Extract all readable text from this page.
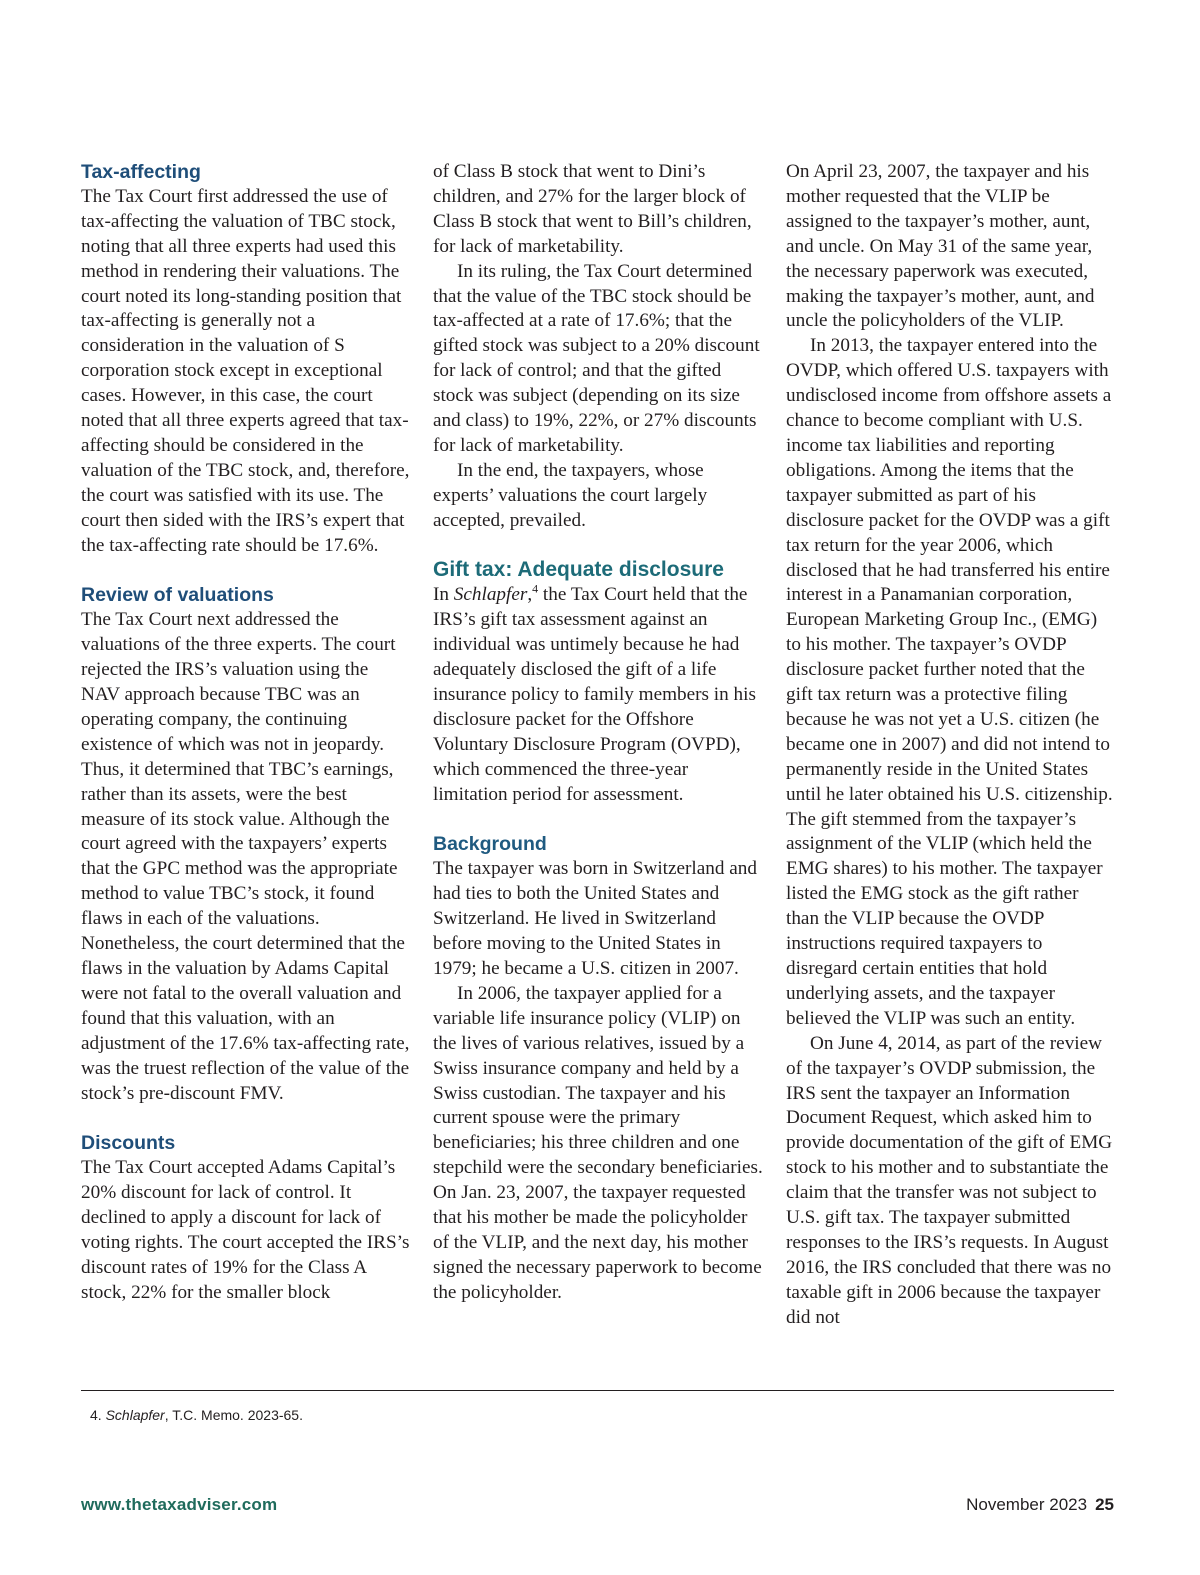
Tax-affecting

The Tax Court first addressed the use of tax-affecting the valuation of TBC stock, noting that all three experts had used this method in rendering their valuations. The court noted its long-standing position that tax-affecting is generally not a consideration in the valuation of S corporation stock except in exceptional cases. However, in this case, the court noted that all three experts agreed that tax-affecting should be considered in the valuation of the TBC stock, and, therefore, the court was satisfied with its use. The court then sided with the IRS’s expert that the tax-affecting rate should be 17.6%.

Review of valuations

The Tax Court next addressed the valuations of the three experts. The court rejected the IRS’s valuation using the NAV approach because TBC was an operating company, the continuing existence of which was not in jeopardy. Thus, it determined that TBC’s earnings, rather than its assets, were the best measure of its stock value. Although the court agreed with the taxpayers’ experts that the GPC method was the appropriate method to value TBC’s stock, it found flaws in each of the valuations. Nonetheless, the court determined that the flaws in the valuation by Adams Capital were not fatal to the overall valuation and found that this valuation, with an adjustment of the 17.6% tax-affecting rate, was the truest reflection of the value of the stock’s pre-discount FMV.

Discounts

The Tax Court accepted Adams Capital’s 20% discount for lack of control. It declined to apply a discount for lack of voting rights. The court accepted the IRS’s discount rates of 19% for the Class A stock, 22% for the smaller block

of Class B stock that went to Dini’s children, and 27% for the larger block of Class B stock that went to Bill’s children, for lack of marketability.

In its ruling, the Tax Court determined that the value of the TBC stock should be tax-affected at a rate of 17.6%; that the gifted stock was subject to a 20% discount for lack of control; and that the gifted stock was subject (depending on its size and class) to 19%, 22%, or 27% discounts for lack of marketability.

In the end, the taxpayers, whose experts’ valuations the court largely accepted, prevailed.

Gift tax: Adequate disclosure

In Schlapfer,$^4$ the Tax Court held that the IRS’s gift tax assessment against an individual was untimely because he had adequately disclosed the gift of a life insurance policy to family members in his disclosure packet for the Offshore Voluntary Disclosure Program (OVPD), which commenced the three-year limitation period for assessment.

Background

The taxpayer was born in Switzerland and had ties to both the United States and Switzerland. He lived in Switzerland before moving to the United States in 1979; he became a U.S. citizen in 2007.

In 2006, the taxpayer applied for a variable life insurance policy (VLIP) on the lives of various relatives, issued by a Swiss insurance company and held by a Swiss custodian. The taxpayer and his current spouse were the primary beneficiaries; his three children and one stepchild were the secondary beneficiaries. On Jan. 23, 2007, the taxpayer requested that his mother be made the policyholder of the VLIP, and the next day, his mother signed the necessary paperwork to become the policyholder.

On April 23, 2007, the taxpayer and his mother requested that the VLIP be assigned to the taxpayer’s mother, aunt, and uncle. On May 31 of the same year, the necessary paperwork was executed, making the taxpayer’s mother, aunt, and uncle the policyholders of the VLIP.

In 2013, the taxpayer entered into the OVDP, which offered U.S. taxpayers with undisclosed income from offshore assets a chance to become compliant with U.S. income tax liabilities and reporting obligations. Among the items that the taxpayer submitted as part of his disclosure packet for the OVDP was a gift tax return for the year 2006, which disclosed that he had transferred his entire interest in a Panamanian corporation, European Marketing Group Inc., (EMG) to his mother. The taxpayer’s OVDP disclosure packet further noted that the gift tax return was a protective filing because he was not yet a U.S. citizen (he became one in 2007) and did not intend to permanently reside in the United States until he later obtained his U.S. citizenship. The gift stemmed from the taxpayer’s assignment of the VLIP (which held the EMG shares) to his mother. The taxpayer listed the EMG stock as the gift rather than the VLIP because the OVDP instructions required taxpayers to disregard certain entities that hold underlying assets, and the taxpayer believed the VLIP was such an entity.

On June 4, 2014, as part of the review of the taxpayer’s OVDP submission, the IRS sent the taxpayer an Information Document Request, which asked him to provide documentation of the gift of EMG stock to his mother and to substantiate the claim that the transfer was not subject to U.S. gift tax. The taxpayer submitted responses to the IRS’s requests. In August 2016, the IRS concluded that there was no taxable gift in 2006 because the taxpayer did not

4. Schlapfer, T.C. Memo. 2023-65.
www.thetaxadviser.com	November 2023 25
